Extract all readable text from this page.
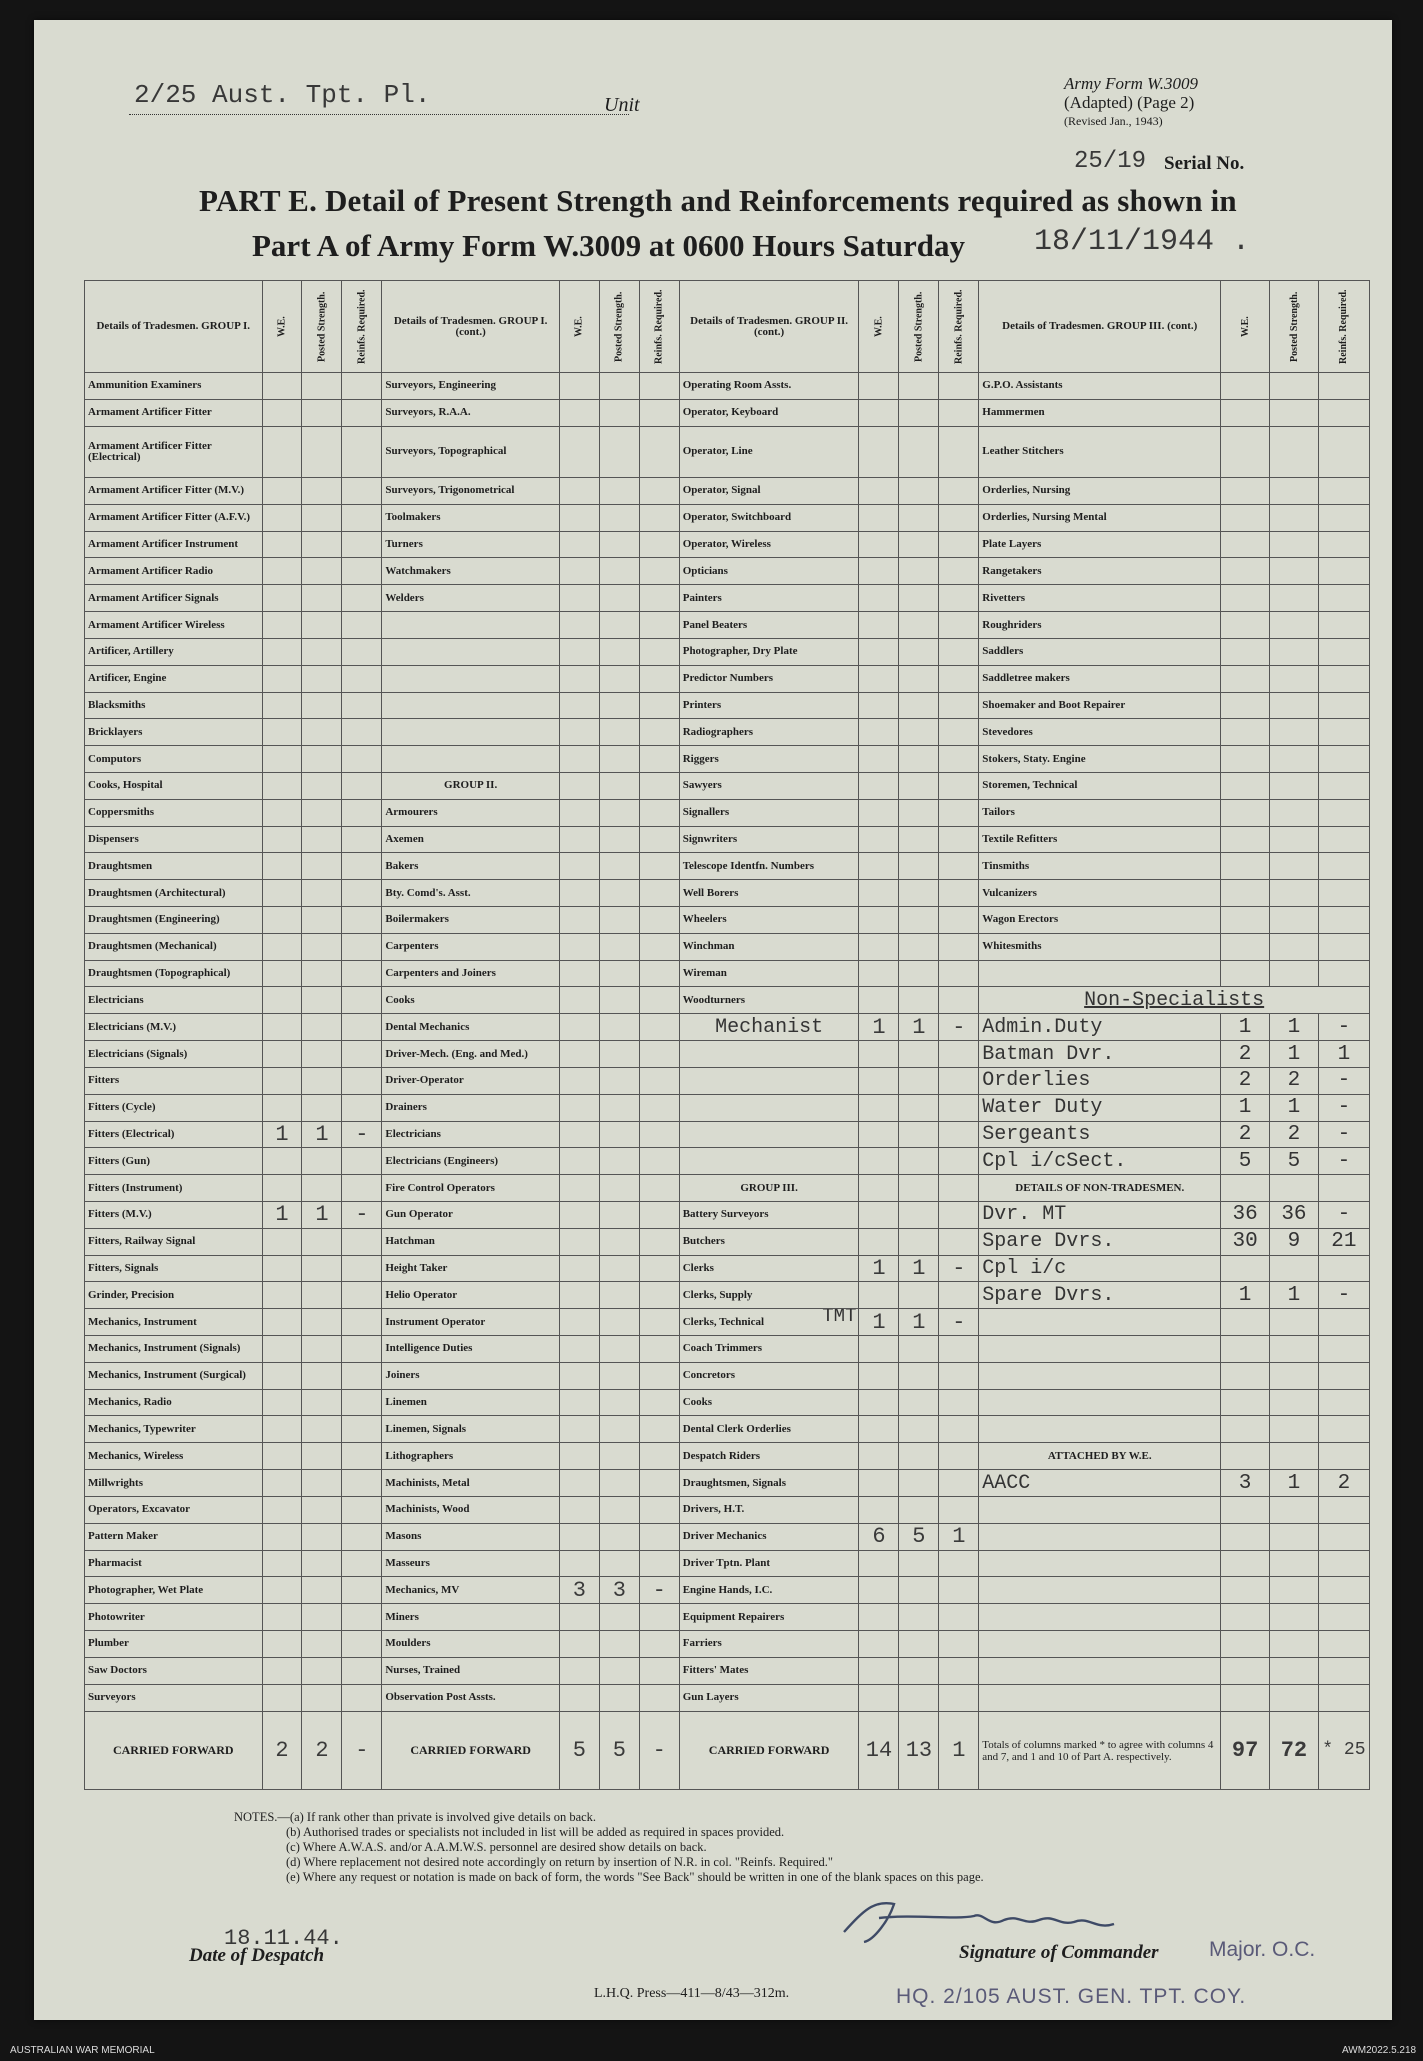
2/25 Aust. Tpt. Pl.	Unit
Army Form W.3009
(Adapted) (Page 2)
(Revised Jan., 1943)
25/19 Serial No.
PART E. Detail of Present Strength and Reinforcements required as shown in
Part A of Army Form W.3009 at 0600 Hours Saturday 18/11/1944 .
Details of Tradesmen. GROUP I.	W.E.	Posted Strength.	Reinfs. Required.	Details of Tradesmen. GROUP I. (cont.)	W.E.	Posted Strength.	Reinfs. Required.	Details of Tradesmen. GROUP II. (cont.)	W.E.	Posted Strength.	Reinfs. Required.	Details of Tradesmen. GROUP III. (cont.)	W.E.	Posted Strength.	Reinfs. Required.
Ammunition Examiners				Surveyors, Engineering				Operating Room Assts.				G.P.O. Assistants			
Armament Artificer Fitter				Surveyors, R.A.A.				Operator, Keyboard				Hammermen			
Armament Artificer Fitter (Electrical)				Surveyors, Topographical				Operator, Line				Leather Stitchers			
Armament Artificer Fitter (M.V.)				Surveyors, Trigonometrical				Operator, Signal				Orderlies, Nursing			
Armament Artificer Fitter (A.F.V.)				Toolmakers				Operator, Switchboard				Orderlies, Nursing Mental			
Armament Artificer Instrument				Turners				Operator, Wireless				Plate Layers			
Armament Artificer Radio				Watchmakers				Opticians				Rangetakers			
Armament Artificer Signals				Welders				Painters				Rivetters			
Armament Artificer Wireless								Panel Beaters				Roughriders			
Artificer, Artillery								Photographer, Dry Plate				Saddlers			
Artificer, Engine								Predictor Numbers				Saddletree makers			
Blacksmiths								Printers				Shoemaker and Boot Repairer			
Bricklayers								Radiographers				Stevedores			
Computors								Riggers				Stokers, Staty. Engine			
Cooks, Hospital				GROUP II.				Sawyers				Storemen, Technical			
Coppersmiths				Armourers				Signallers				Tailors			
Dispensers				Axemen				Signwriters				Textile Refitters			
Draughtsmen				Bakers				Telescope Identfn. Numbers				Tinsmiths			
Draughtsmen (Architectural)				Bty. Comd's. Asst.				Well Borers				Vulcanizers			
Draughtsmen (Engineering)				Boilermakers				Wheelers				Wagon Erectors			
Draughtsmen (Mechanical)				Carpenters				Winchman				Whitesmiths			
Draughtsmen (Topographical)				Carpenters and Joiners				Wireman							
Electricians				Cooks				Woodturners				Non-Specialists			
Electricians (M.V.)				Dental Mechanics				Mechanist	1	1	-	Admin.Duty	1	1	-
Electricians (Signals)				Driver-Mech. (Eng. and Med.)								Batman Dvr.	2	1	1
Fitters				Driver-Operator								Orderlies	2	2	-
Fitters (Cycle)				Drainers								Water Duty	1	1	-
Fitters (Electrical)	1	1	-	Electricians								Sergeants	2	2	-
Fitters (Gun)				Electricians (Engineers)								Cpl i/cSect.	5	5	-
Fitters (Instrument)				Fire Control Operators				GROUP III.				DETAILS OF NON-TRADESMEN.			
Fitters (M.V.)	1	1	-	Gun Operator				Battery Surveyors				Dvr. MT	36	36	-
Fitters, Railway Signal				Hatchman				Butchers				Spare Dvrs.	30	9	21
Fitters, Signals				Height Taker				Clerks	1	1	-	Cpl i/c			
Grinder, Precision				Helio Operator				Clerks, Supply				Spare Dvrs.	1	1	-
Mechanics, Instrument				Instrument Operator				Clerks, Technical TMT	1	1	-				
Mechanics, Instrument (Signals)				Intelligence Duties				Coach Trimmers							
Mechanics, Instrument (Surgical)				Joiners				Concretors							
Mechanics, Radio				Linemen				Cooks							
Mechanics, Typewriter				Linemen, Signals				Dental Clerk Orderlies							
Mechanics, Wireless				Lithographers				Despatch Riders				ATTACHED BY W.E.			
Millwrights				Machinists, Metal				Draughtsmen, Signals				AACC	3	1	2
Operators, Excavator				Machinists, Wood				Drivers, H.T.							
Pattern Maker				Masons				Driver Mechanics	6	5	1				
Pharmacist				Masseurs				Driver Tptn. Plant							
Photographer, Wet Plate				Mechanics, MV	3	3	-	Engine Hands, I.C.							
Photowriter				Miners				Equipment Repairers							
Plumber				Moulders				Farriers							
Saw Doctors				Nurses, Trained				Fitters' Mates							
Surveyors				Observation Post Assts.				Gun Layers							
CARRIED FORWARD	2	2	-	CARRIED FORWARD	5	5	-	CARRIED FORWARD	14	13	1	Totals of columns marked * to agree with columns 4 and 7, and 1 and 10 of Part A. respectively.	97	72	* 25
NOTES.—(a) If rank other than private is involved give details on back.
(b) Authorised trades or specialists not included in list will be added as required in spaces provided.
(c) Where A.W.A.S. and/or A.A.M.W.S. personnel are desired show details on back.
(d) Where replacement not desired note accordingly on return by insertion of N.R. in col. "Reinfs. Required."
(e) Where any request or notation is made on back of form, the words "See Back" should be written in one of the blank spaces on this page.
18.11.44.
Date of Despatch	Signature of Commander Major. O.C.
L.H.Q. Press—411—8/43—312m.	HQ. 2/105 AUST. GEN. TPT. COY.
AUSTRALIAN WAR MEMORIAL	AWM2022.5.218
